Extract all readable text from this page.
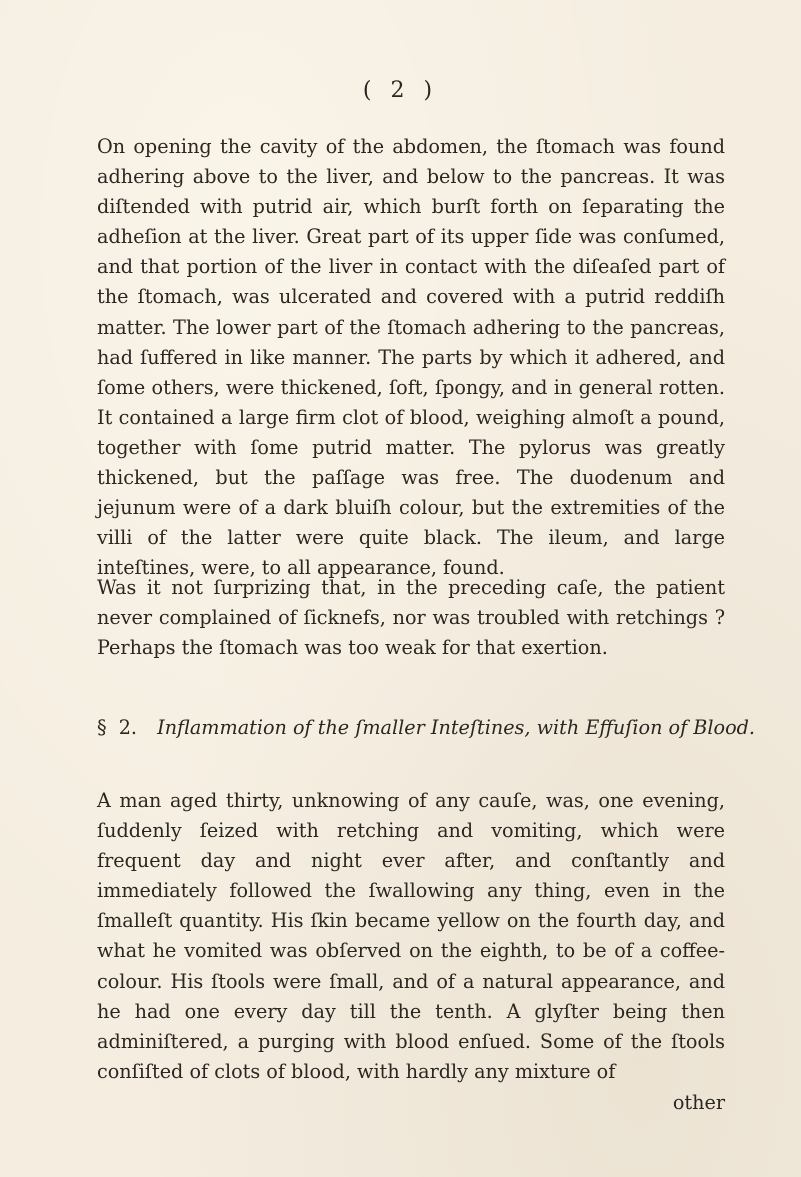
( 2 )

On opening the cavity of the abdomen, the ſtomach was found adhering above to the liver, and below to the pancreas. It was diſtended with putrid air, which burſt forth on ſeparating the adheſion at the liver. Great part of its upper ſide was conſumed, and that portion of the liver in contact with the diſeaſed part of the ſtomach, was ulcerated and covered with a putrid reddiſh matter. The lower part of the ſtomach adhering to the pancreas, had ſuffered in like manner. The parts by which it adhered, and ſome others, were thickened, ſoft, ſpongy, and in general rotten. It contained a large firm clot of blood, weighing almoſt a pound, together with ſome putrid matter. The pylorus was greatly thickened, but the paſſage was free. The duodenum and jejunum were of a dark bluiſh colour, but the extremities of the villi of the latter were quite black. The ileum, and large inteſtines, were, to all appearance, found.

Was it not ſurprizing that, in the preceding caſe, the patient never complained of ſicknefs, nor was troubled with retchings ? Perhaps the ſtomach was too weak for that exertion.

§ 2. Inflammation of the ſmaller Inteſtines, with Effuſion of Blood.

A man aged thirty, unknowing of any cauſe, was, one evening, ſuddenly ſeized with retching and vomiting, which were frequent day and night ever after, and conſtantly and immediately followed the ſwallowing any thing, even in the ſmalleſt quantity. His ſkin became yellow on the fourth day, and what he vomited was obſerved on the eighth, to be of a coffee-colour. His ſtools were ſmall, and of a natural appearance, and he had one every day till the tenth. A glyſter being then adminiſtered, a purging with blood enſued. Some of the ſtools conſiſted of clots of blood, with hardly any mixture of

other
